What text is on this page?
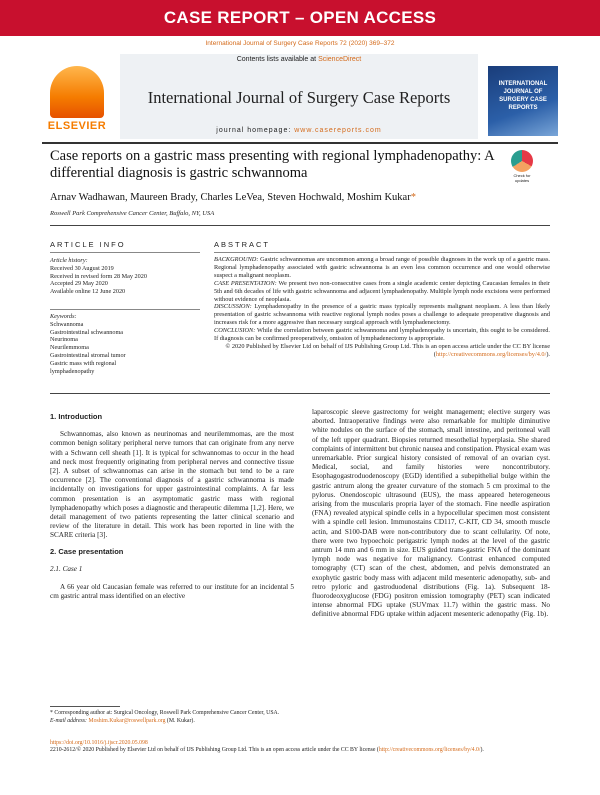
CASE REPORT – OPEN ACCESS
International Journal of Surgery Case Reports 72 (2020) 369–372
ELSEVIER
Contents lists available at ScienceDirect
International Journal of Surgery Case Reports
journal homepage: www.casereports.com
INTERNATIONAL JOURNAL OF SURGERY CASE REPORTS
Case reports on a gastric mass presenting with regional lymphadenopathy: A differential diagnosis is gastric schwannoma	Check for updates
Arnav Wadhawan, Maureen Brady, Charles LeVea, Steven Hochwald, Moshim Kukar*
Roswell Park Comprehensive Cancer Center, Buffalo, NY, USA
ARTICLE INFO	ABSTRACT
Article history:
Received 30 August 2019
Received in revised form 28 May 2020
Accepted 29 May 2020
Available online 12 June 2020
Keywords:
Schwannoma
Gastrointestinal schwannoma
Neurinoma
Neurilemmoma
Gastrointestinal stromal tumor
Gastric mass with regional
lymphadenopathy

BACKGROUND: Gastric schwannomas are uncommon among a broad range of possible diagnoses in the work up of a gastric mass. Regional lymphadenopathy associated with gastric schwannoma is an even less common occurrence and one would otherwise suspect a malignant neoplasm.

CASE PRESENTATION: We present two non-consecutive cases from a single academic center depicting Caucasian females in their 5th and 6th decades of life with gastric schwannoma and adjacent lymphadenopathy. Multiple lymph node excisions were performed without evidence of neoplasia.

DISCUSSION: Lymphadenopathy in the presence of a gastric mass typically represents malignant neoplasm. A less than likely presentation of gastric schwannoma with reactive regional lymph nodes poses a challenge to adequate preoperative diagnosis and increases risk for a more aggressive than necessary surgical approach with lymphadenectomy.

CONCLUSION: While the correlation between gastric schwannoma and lymphadenopathy is uncertain, this ought to be considered. If diagnosis can be confirmed preoperatively, omission of lymphadenectomy is appropriate.

© 2020 Published by Elsevier Ltd on behalf of IJS Publishing Group Ltd. This is an open access article under the CC BY license (http://creativecommons.org/licenses/by/4.0/).

1. Introduction
Schwannomas, also known as neurinomas and neurilemmomas, are the most common benign solitary peripheral nerve tumors that can originate from any nerve with a Schwann cell sheath [1]. It is typical for schwannomas to occur in the head and neck most frequently originating from peripheral nerves and connective tissue [2]. A subset of schwannomas can arise in the stomach but tend to be a rare occurrence [2]. The conventional diagnosis of a gastric schwannoma is made incidentally on investigations for upper gastrointestinal complaints. A far less common presentation is an asymptomatic gastric mass with regional lymphadenopathy which poses a diagnostic and therapeutic dilemma [1,2]. Here, we detail management of two patients representing the latter clinical scenario and review of the literature in detail. This work has been reported in line with the SCARE criteria [3].
2. Case presentation
2.1. Case 1
A 66 year old Caucasian female was referred to our institute for an incidental 5 cm gastric antral mass identified on an elective
laparoscopic sleeve gastrectomy for weight management; elective surgery was aborted. Intraoperative findings were also remarkable for multiple diminutive white nodules on the surface of the stomach, small intestine, and peritoneal wall of the left upper quadrant. Biopsies returned mesothelial hyperplasia. She shared complaints of intermittent but chronic nausea and constipation. Physical exam was unremarkable. Prior surgical history consisted of removal of an ovarian cyst. Medical, social, and family histories were noncontributory. Esophagogastroduodenoscopy (EGD) identified a subepithelial bulge within the gastric antrum along the greater curvature of the stomach 5 cm proximal to the pylorus. Onendoscopic ultrasound (EUS), the mass appeared heterogeneous arising from the muscularis propria layer of the stomach. Fine needle aspiration (FNA) revealed atypical spindle cells in a hypocellular specimen most consistent with a spindle cell lesion. Immunostains CD117, C-KIT, CD 34, smooth muscle actin, and S100-DAB were non-contributory due to scant cellularity. Of note, there were two hypoechoic perigastric lymph nodes at the level of the gastric antrum 14 mm and 6 mm in size. EUS guided trans-gastric FNA of the dominant lymph node was negative for malignancy. Contrast enhanced computed tomography (CT) scan of the chest, abdomen, and pelvis demonstrated an exophytic gastric body mass with adjacent mild mesenteric adenopathy, sub- and retro pyloric and gastroduodenal distributions (Fig. 1a). Subsequent 18-fluorodeoxyglucose (FDG) positron emission tomography (PET) scan indicated intense abnormal FDG uptake (SUVmax 11.7) within the gastric mass. No definitive abnormal FDG uptake within adjacent mesenteric adenopathy (Fig. 1b).
* Corresponding author at: Surgical Oncology, Roswell Park Comprehensive Cancer Center, USA.
E-mail address: Moshim.Kukar@roswellpark.org (M. Kukar).
https://doi.org/10.1016/j.ijscr.2020.05.098
2210-2612/© 2020 Published by Elsevier Ltd on behalf of IJS Publishing Group Ltd. This is an open access article under the CC BY license (http://creativecommons.org/licenses/by/4.0/).
